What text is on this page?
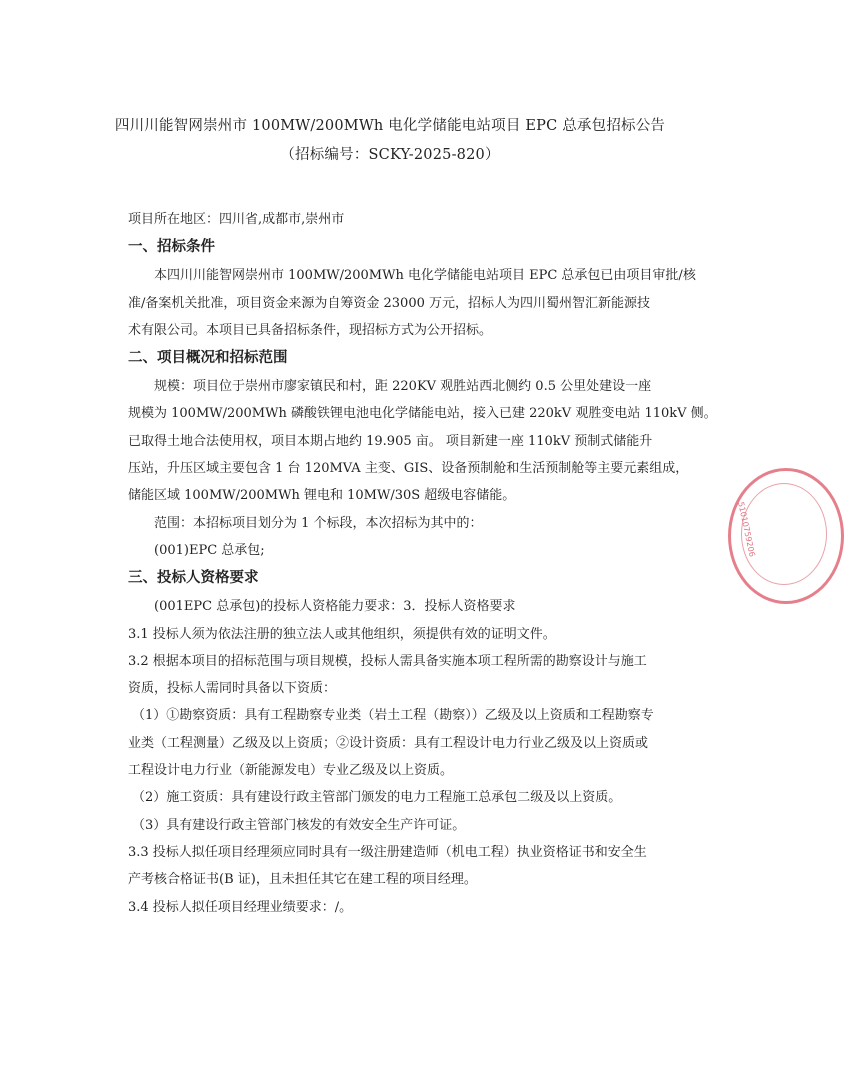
四川川能智网崇州市 100MW/200MWh 电化学储能电站项目 EPC 总承包招标公告
（招标编号：SCKY-2025-820）
项目所在地区：四川省,成都市,崇州市
一、招标条件
本四川川能智网崇州市 100MW/200MWh 电化学储能电站项目 EPC 总承包已由项目审批/核
准/备案机关批准，项目资金来源为自筹资金 23000 万元，招标人为四川蜀州智汇新能源技
术有限公司。本项目已具备招标条件，现招标方式为公开招标。
二、项目概况和招标范围
规模：项目位于崇州市廖家镇民和村，距 220KV 观胜站西北侧约 0.5 公里处建设一座
规模为 100MW/200MWh 磷酸铁锂电池电化学储能电站，接入已建 220kV 观胜变电站 110kV 侧。
已取得土地合法使用权，项目本期占地约 19.905 亩。 项目新建一座 110kV 预制式储能升
压站，升压区域主要包含 1 台 120MVA 主变、GIS、设备预制舱和生活预制舱等主要元素组成，
储能区域 100MW/200MWh 锂电和 10MW/30S 超级电容储能。
范围：本招标项目划分为 1 个标段，本次招标为其中的：
(001)EPC 总承包;
三、投标人资格要求
(001EPC 总承包)的投标人资格能力要求：3．投标人资格要求
3.1 投标人须为依法注册的独立法人或其他组织，须提供有效的证明文件。
3.2 根据本项目的招标范围与项目规模，投标人需具备实施本项工程所需的勘察设计与施工
资质，投标人需同时具备以下资质：
（1）①勘察资质：具有工程勘察专业类（岩土工程（勘察））乙级及以上资质和工程勘察专
业类（工程测量）乙级及以上资质；②设计资质：具有工程设计电力行业乙级及以上资质或
工程设计电力行业（新能源发电）专业乙级及以上资质。
（2）施工资质：具有建设行政主管部门颁发的电力工程施工总承包二级及以上资质。
（3）具有建设行政主管部门核发的有效安全生产许可证。
3.3 投标人拟任项目经理须应同时具有一级注册建造师（机电工程）执业资格证书和安全生
产考核合格证书(B 证)，且未担任其它在建工程的项目经理。
3.4 投标人拟任项目经理业绩要求：/。
51010759206
